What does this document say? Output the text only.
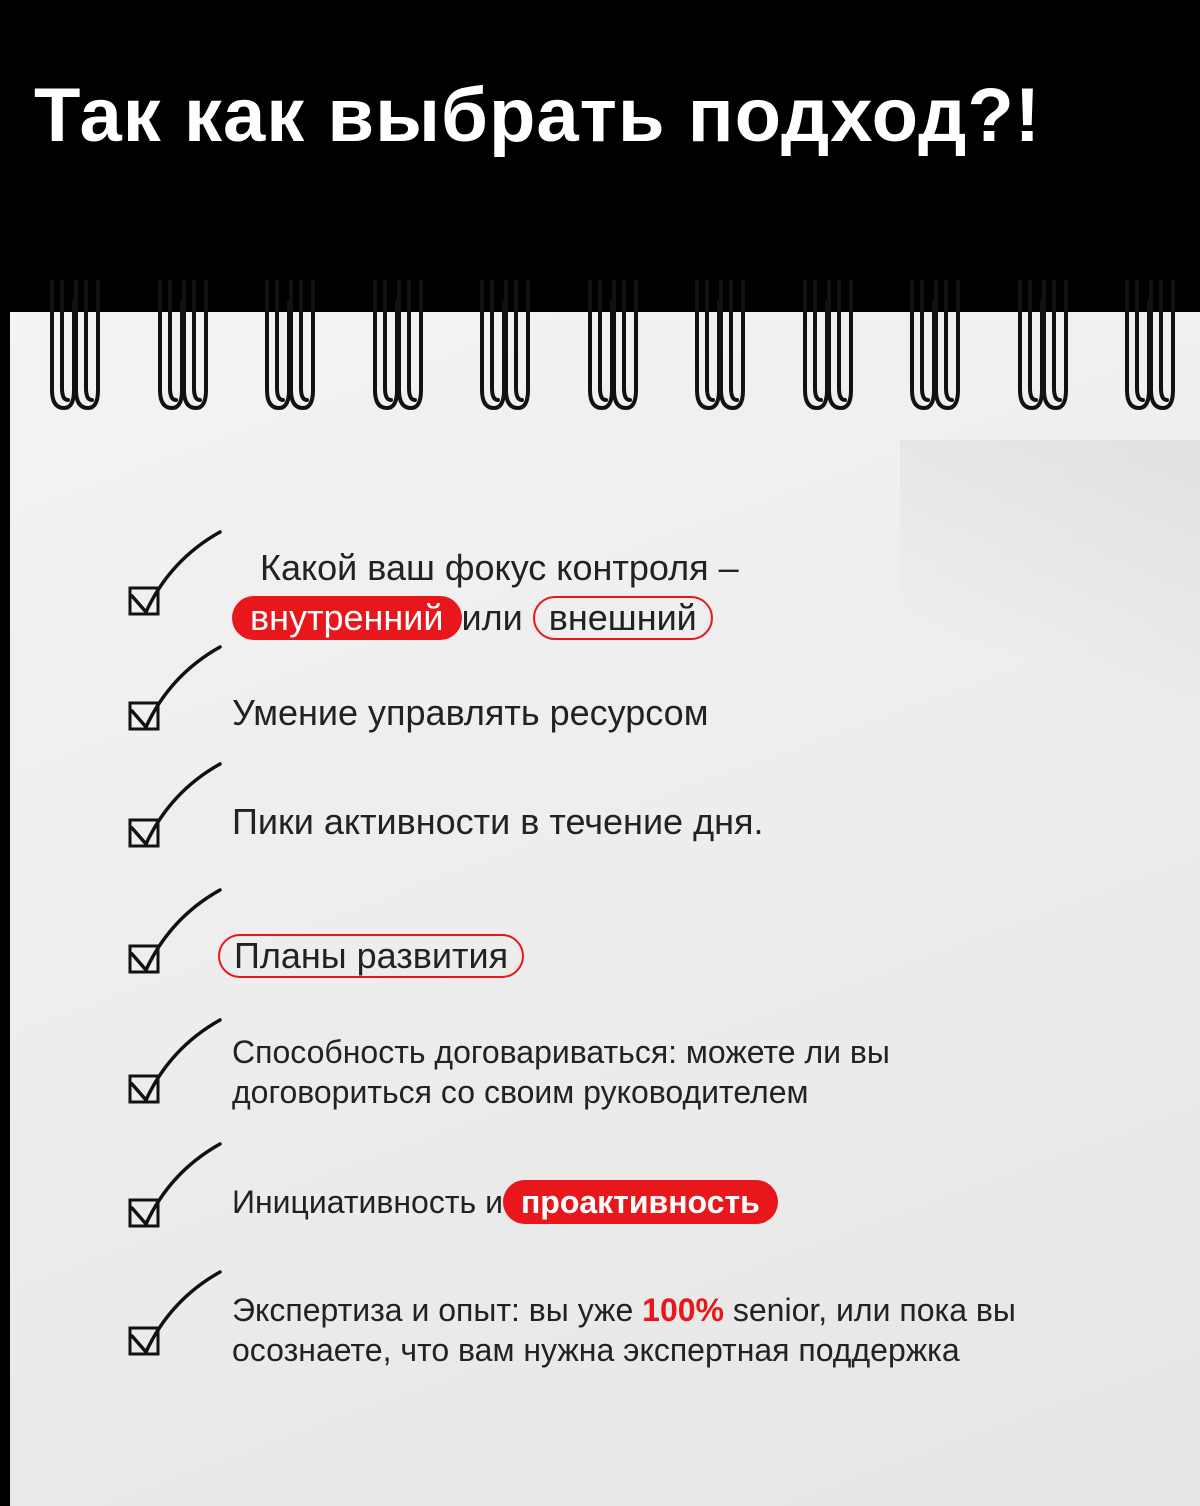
Так как выбрать подход?!
Какой ваш фокус контроля –
внутренний или внешний
Умение управлять ресурсом
Пики активности в течение дня.
Планы развития
Способность договариваться: можете ли вы
договориться со своим руководителем
Инициативность и проактивность
Экспертиза и опыт: вы уже 100% senior, или пока вы
осознаете, что вам нужна экспертная поддержка
